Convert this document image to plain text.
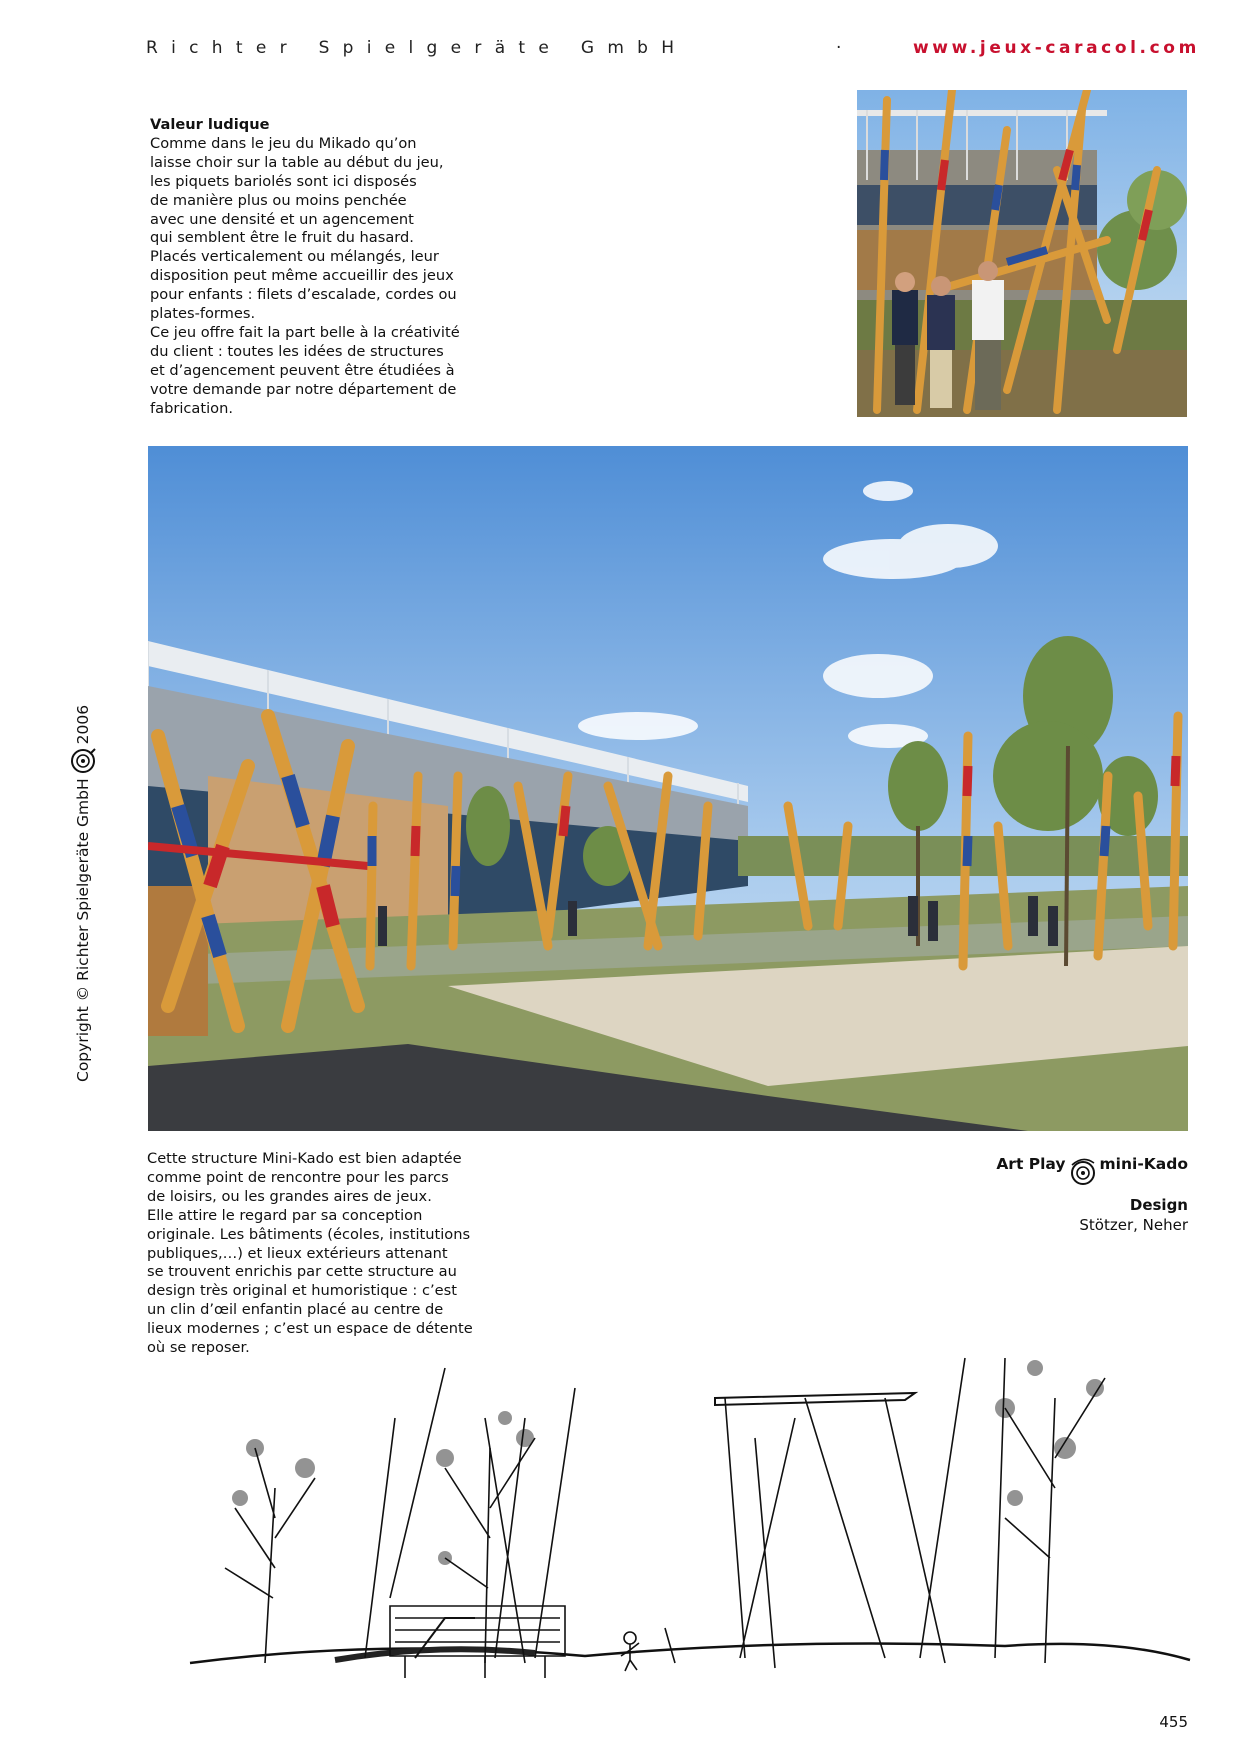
Richter Spielgeräte GmbH	·	www.jeux-caracol.com
Valeur ludique
Comme dans le jeu du Mikado qu’on
laisse choir sur la table au début du jeu,
les piquets bariolés sont ici disposés
de manière plus ou moins penchée
avec une densité et un agencement
qui semblent être le fruit du hasard.
Placés verticalement ou mélangés, leur
disposition peut même accueillir des jeux
pour enfants : filets d’escalade, cordes ou
plates-formes.
Ce jeu offre fait la part belle à la créativité
du client : toutes les idées de structures
et d’agencement peuvent être étudiées à
votre demande par notre département de
fabrication.
Copyright © Richter Spielgeräte GmbH
2006
Cette structure Mini-Kado est bien adaptée
comme point de rencontre pour les parcs
de loisirs, ou les grandes aires de jeux.
Elle attire le regard par sa conception
originale. Les bâtiments (écoles, institutions
publiques,…) et lieux extérieurs attenant
se trouvent enrichis par cette structure au
design très original et humoristique : c’est
un clin d’œil enfantin placé au centre de
lieux modernes ; c’est un espace de détente
où se reposer.
Art Play mini-Kado
Design
Stötzer, Neher
455
